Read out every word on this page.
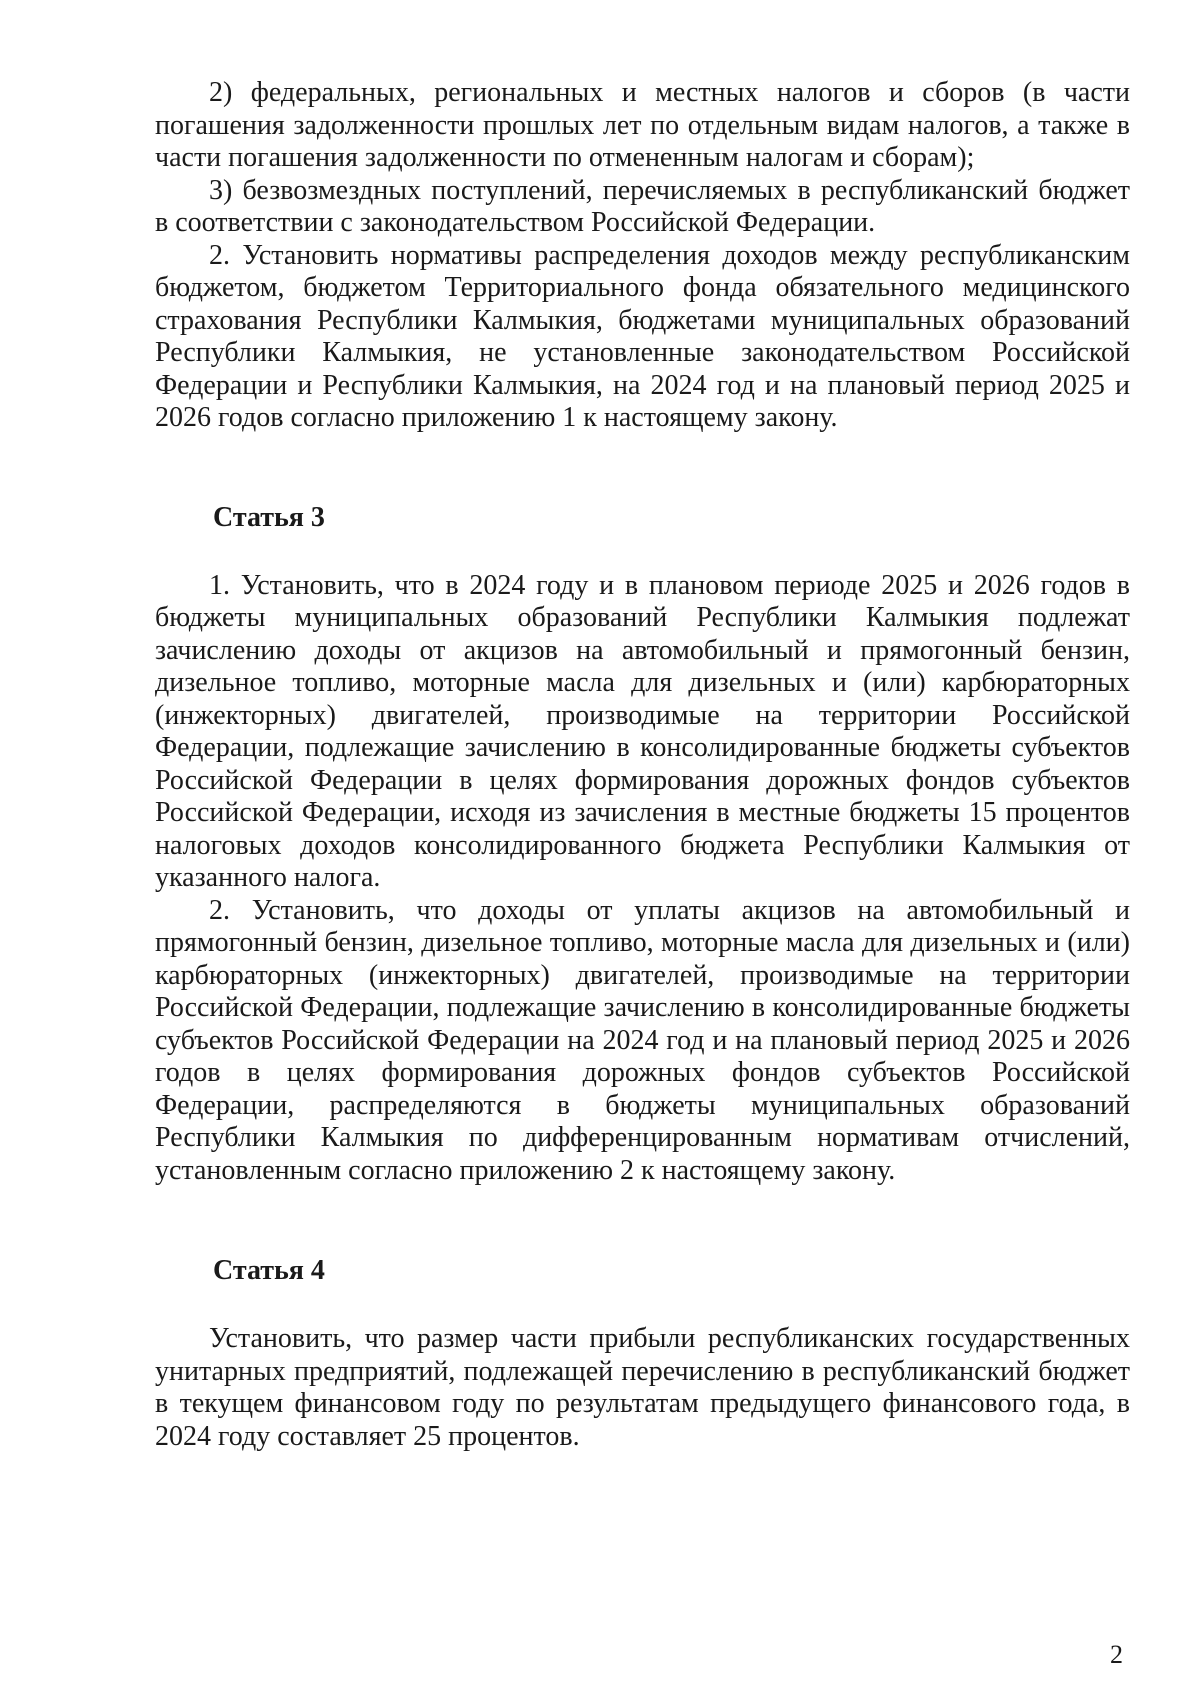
2) федеральных, региональных и местных налогов и сборов (в части погашения задолженности прошлых лет по отдельным видам налогов, а также в части погашения задолженности по отмененным налогам и сборам);

3) безвозмездных поступлений, перечисляемых в республиканский бюджет в соответствии с законодательством Российской Федерации.

2. Установить нормативы распределения доходов между республиканским бюджетом, бюджетом Территориального фонда обязательного медицинского страхования Республики Калмыкия, бюджетами муниципальных образований Республики Калмыкия, не установленные законодательством Российской Федерации и Республики Калмыкия, на 2024 год и на плановый период 2025 и 2026 годов согласно приложению 1 к настоящему закону.

Статья 3

1. Установить, что в 2024 году и в плановом периоде 2025 и 2026 годов в бюджеты муниципальных образований Республики Калмыкия подлежат зачислению доходы от акцизов на автомобильный и прямогонный бензин, дизельное топливо, моторные масла для дизельных и (или) карбюраторных (инжекторных) двигателей, производимые на территории Российской Федерации, подлежащие зачислению в консолидированные бюджеты субъектов Российской Федерации в целях формирования дорожных фондов субъектов Российской Федерации, исходя из зачисления в местные бюджеты 15 процентов налоговых доходов консолидированного бюджета Республики Калмыкия от указанного налога.

2. Установить, что доходы от уплаты акцизов на автомобильный и прямогонный бензин, дизельное топливо, моторные масла для дизельных и (или) карбюраторных (инжекторных) двигателей, производимые на территории Российской Федерации, подлежащие зачислению в консолидированные бюджеты субъектов Российской Федерации на 2024 год и на плановый период 2025 и 2026 годов в целях формирования дорожных фондов субъектов Российской Федерации, распределяются в бюджеты муниципальных образований Республики Калмыкия по дифференцированным нормативам отчислений, установленным согласно приложению 2 к настоящему закону.

Статья 4

Установить, что размер части прибыли республиканских государственных унитарных предприятий, подлежащей перечислению в республиканский бюджет в текущем финансовом году по результатам предыдущего финансового года, в 2024 году составляет 25 процентов.

2
